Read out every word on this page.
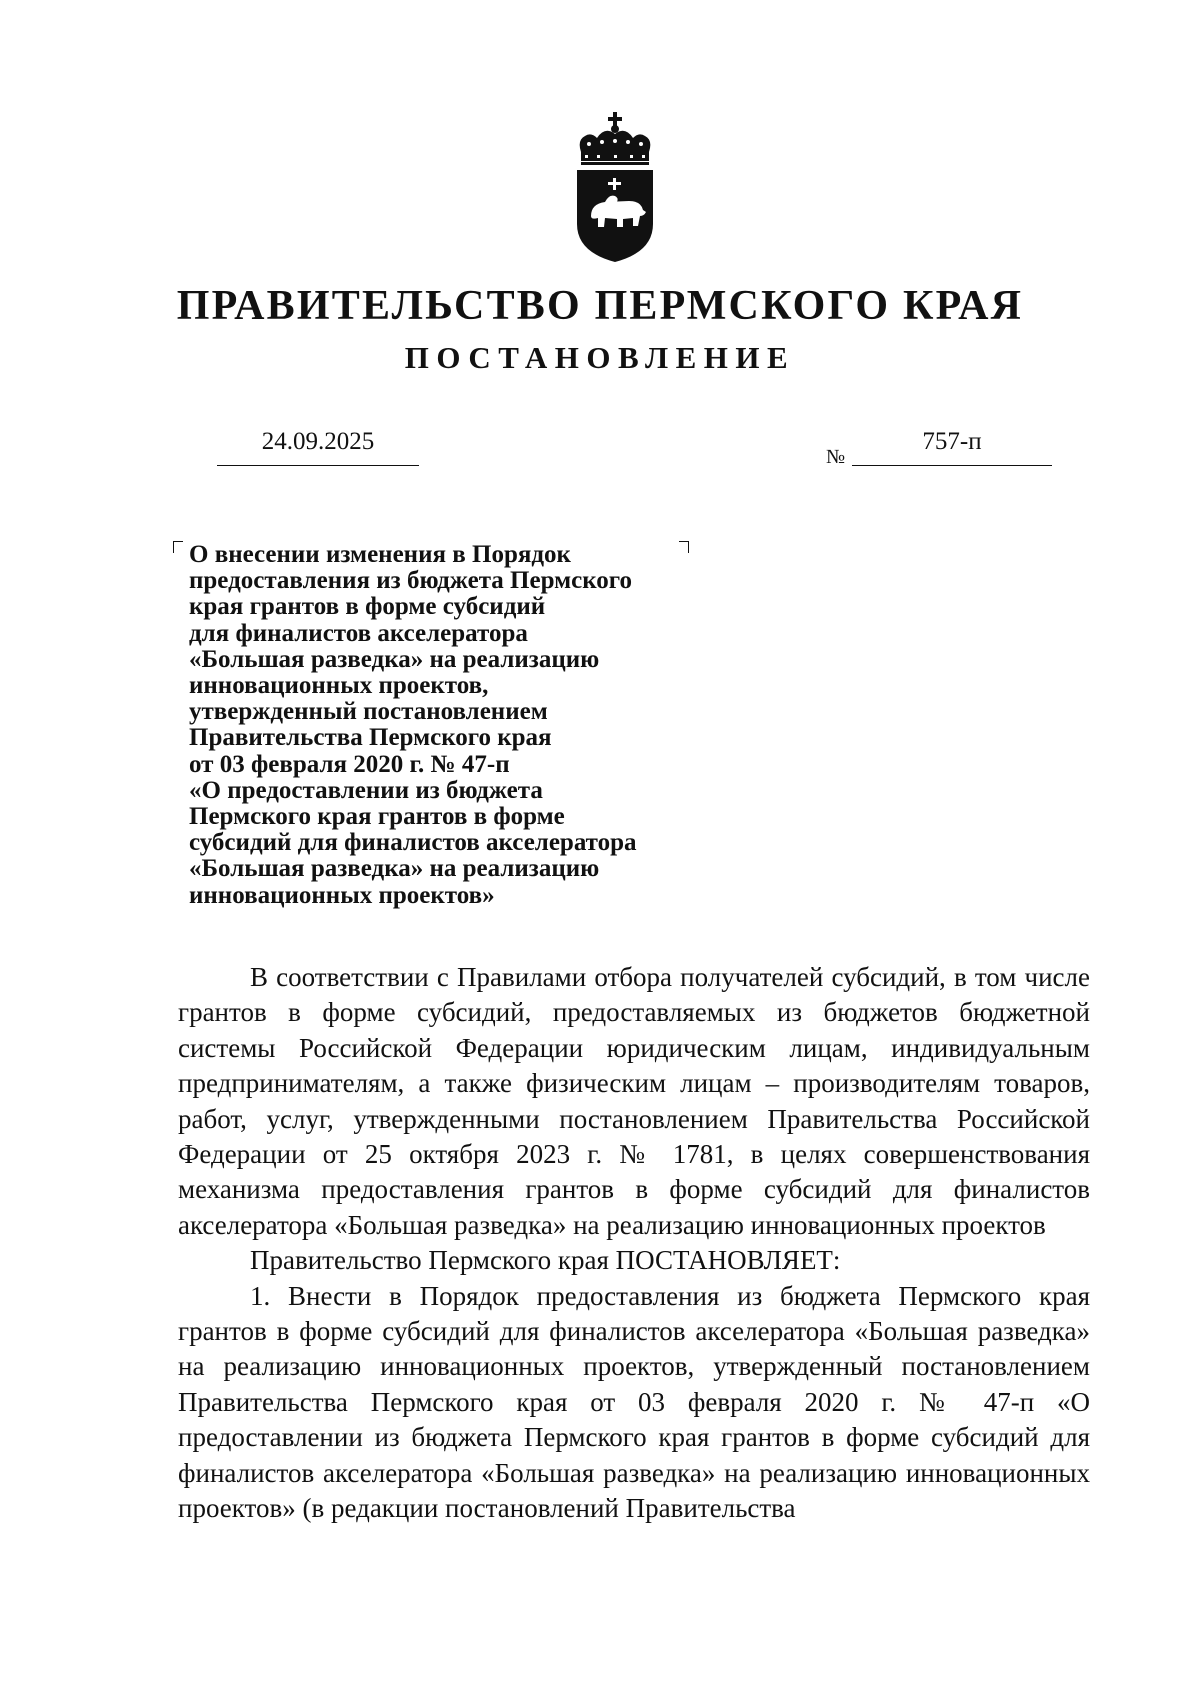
ПРАВИТЕЛЬСТВО ПЕРМСКОГО КРАЯ
ПОСТАНОВЛЕНИЕ
24.09.2025
№
757-п
О внесении изменения в Порядок
предоставления из бюджета Пермского
края грантов в форме субсидий
для финалистов акселератора
«Большая разведка» на реализацию
инновационных проектов,
утвержденный постановлением
Правительства Пермского края
от 03 февраля 2020 г. № 47-п
«О предоставлении из бюджета
Пермского края грантов в форме
субсидий для финалистов акселератора
«Большая разведка» на реализацию
инновационных проектов»

В соответствии с Правилами отбора получателей субсидий, в том числе грантов в форме субсидий, предоставляемых из бюджетов бюджетной системы Российской Федерации юридическим лицам, индивидуальным предпринимателям, а также физическим лицам – производителям товаров, работ, услуг, утвержденными постановлением Правительства Российской Федерации от 25 октября 2023 г. № 1781, в целях совершенствования механизма предоставления грантов в форме субсидий для финалистов акселератора «Большая разведка» на реализацию инновационных проектов

Правительство Пермского края ПОСТАНОВЛЯЕТ:

1. Внести в Порядок предоставления из бюджета Пермского края грантов в форме субсидий для финалистов акселератора «Большая разведка» на реализацию инновационных проектов, утвержденный постановлением Правительства Пермского края от 03 февраля 2020 г. № 47-п «О предоставлении из бюджета Пермского края грантов в форме субсидий для финалистов акселератора «Большая разведка» на реализацию инновационных проектов» (в редакции постановлений Правительства
